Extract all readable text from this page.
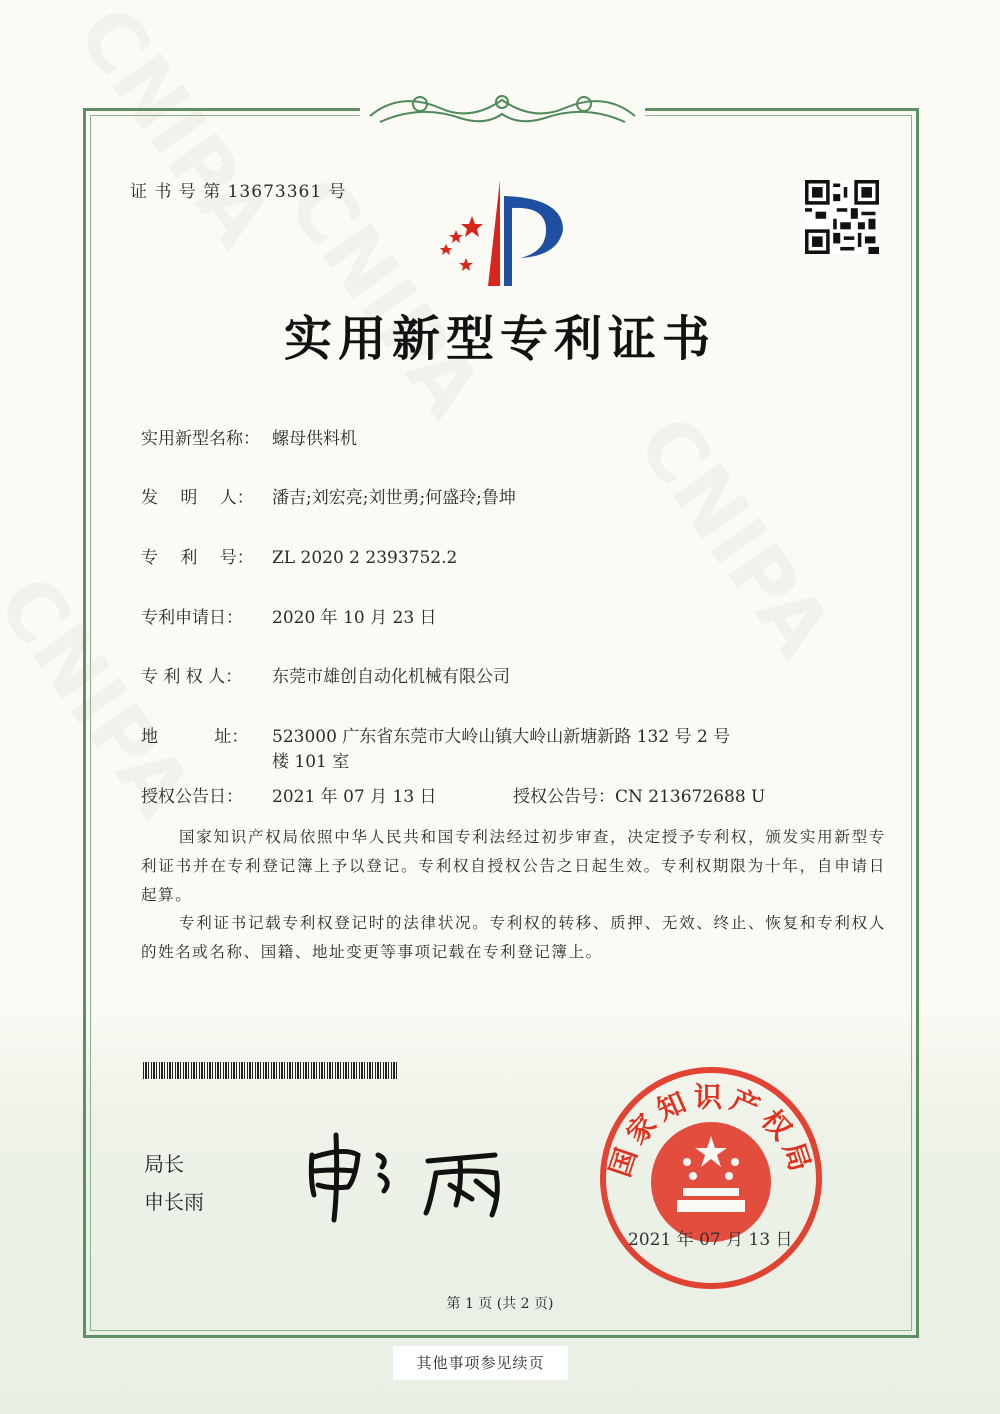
证 书 号 第 13673361 号
实用新型专利证书
实用新型名称： 螺母供料机
发　 明　 人： 潘吉;刘宏亮;刘世勇;何盛玲;鲁坤
专　 利　 号： ZL 2020 2 2393752.2
专利申请日： 2020 年 10 月 23 日
专 利 权 人： 东莞市雄创自动化机械有限公司
地　　　 址： 523000 广东省东莞市大岭山镇大岭山新塘新路 132 号 2 号
楼 101 室
授权公告日： 2021 年 07 月 13 日	授权公告号：CN 213672688 U
国家知识产权局依照中华人民共和国专利法经过初步审查，决定授予专利权，颁发实用新型专利证书并在专利登记簿上予以登记。专利权自授权公告之日起生效。专利权期限为十年，自申请日起算。
专利证书记载专利权登记时的法律状况。专利权的转移、质押、无效、终止、恢复和专利权人的姓名或名称、国籍、地址变更等事项记载在专利登记簿上。
局长
申长雨
国家知识产权局
2021 年 07 月 13 日
第 1 页 (共 2 页)
其他事项参见续页
